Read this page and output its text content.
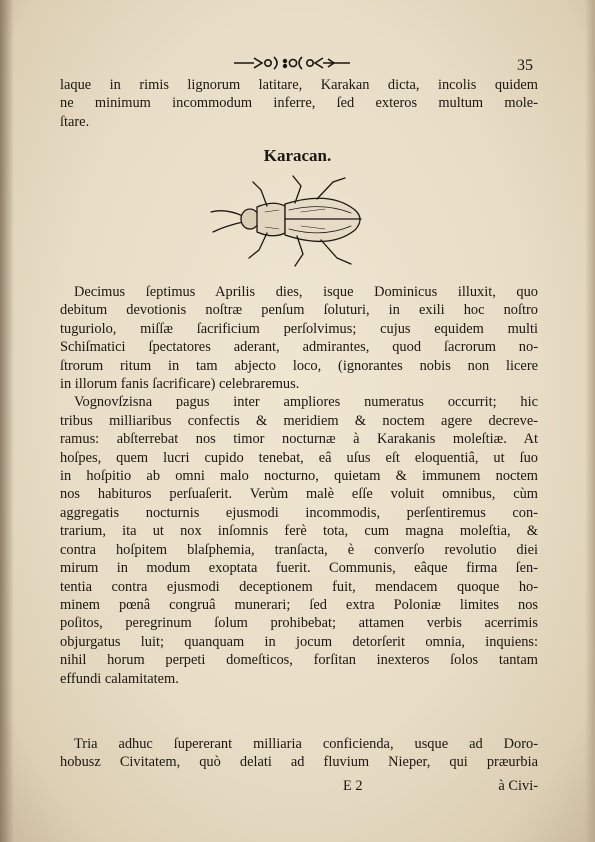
35
laque in rimis lignorum latitare, Karakan dicta, incolis quidem
ne minimum incommodum inferre, ſed exteros multum mole-
ſtare.
Karacan.
Decimus ſeptimus Aprilis dies, isque Dominicus illuxit, quo
debitum devotionis noſtræ penſum ſoluturi, in exili hoc noſtro
tuguriolo, miſſæ ſacrificium perſolvimus; cujus equidem multi
Schiſmatici ſpectatores aderant, admirantes, quod ſacrorum no-
ſtrorum ritum in tam abjecto loco, (ignorantes nobis non licere
in illorum fanis ſacrificare) celebraremus.
Vognovſzisna pagus inter ampliores numeratus occurrit; hic
tribus milliaribus confectis & meridiem & noctem agere decreve-
ramus: abſterrebat nos timor nocturnæ à Karakanis moleſtiæ. At
hoſpes, quem lucri cupido tenebat, eâ uſus eſt eloquentiâ, ut ſuo
in hoſpitio ab omni malo nocturno, quietam & immunem noctem
nos habituros perſuaſerit. Verùm malè eſſe voluit omnibus, cùm
aggregatis nocturnis ejusmodi incommodis, perſentiremus con-
trarium, ita ut nox inſomnis ferè tota, cum magna moleſtia, &
contra hoſpitem blaſphemia, tranſacta, è converſo revolutio diei
mirum in modum exoptata fuerit. Communis, eâque firma ſen-
tentia contra ejusmodi deceptionem fuit, mendacem quoque ho-
minem pœnâ congruâ munerari; ſed extra Poloniæ limites nos
poſitos, peregrinum ſolum prohibebat; attamen verbis acerrimis
objurgatus luit; quanquam in jocum detorſerit omnia, inquiens:
nihil horum perpeti domeſticos, forſitan inexteros ſolos tantam
effundi calamitatem.
Tria adhuc ſupererant milliaria conficienda, usque ad Doro-
hobusz Civitatem, quò delati ad fluvium Nieper, qui præurbia
E 2	à Civi-
